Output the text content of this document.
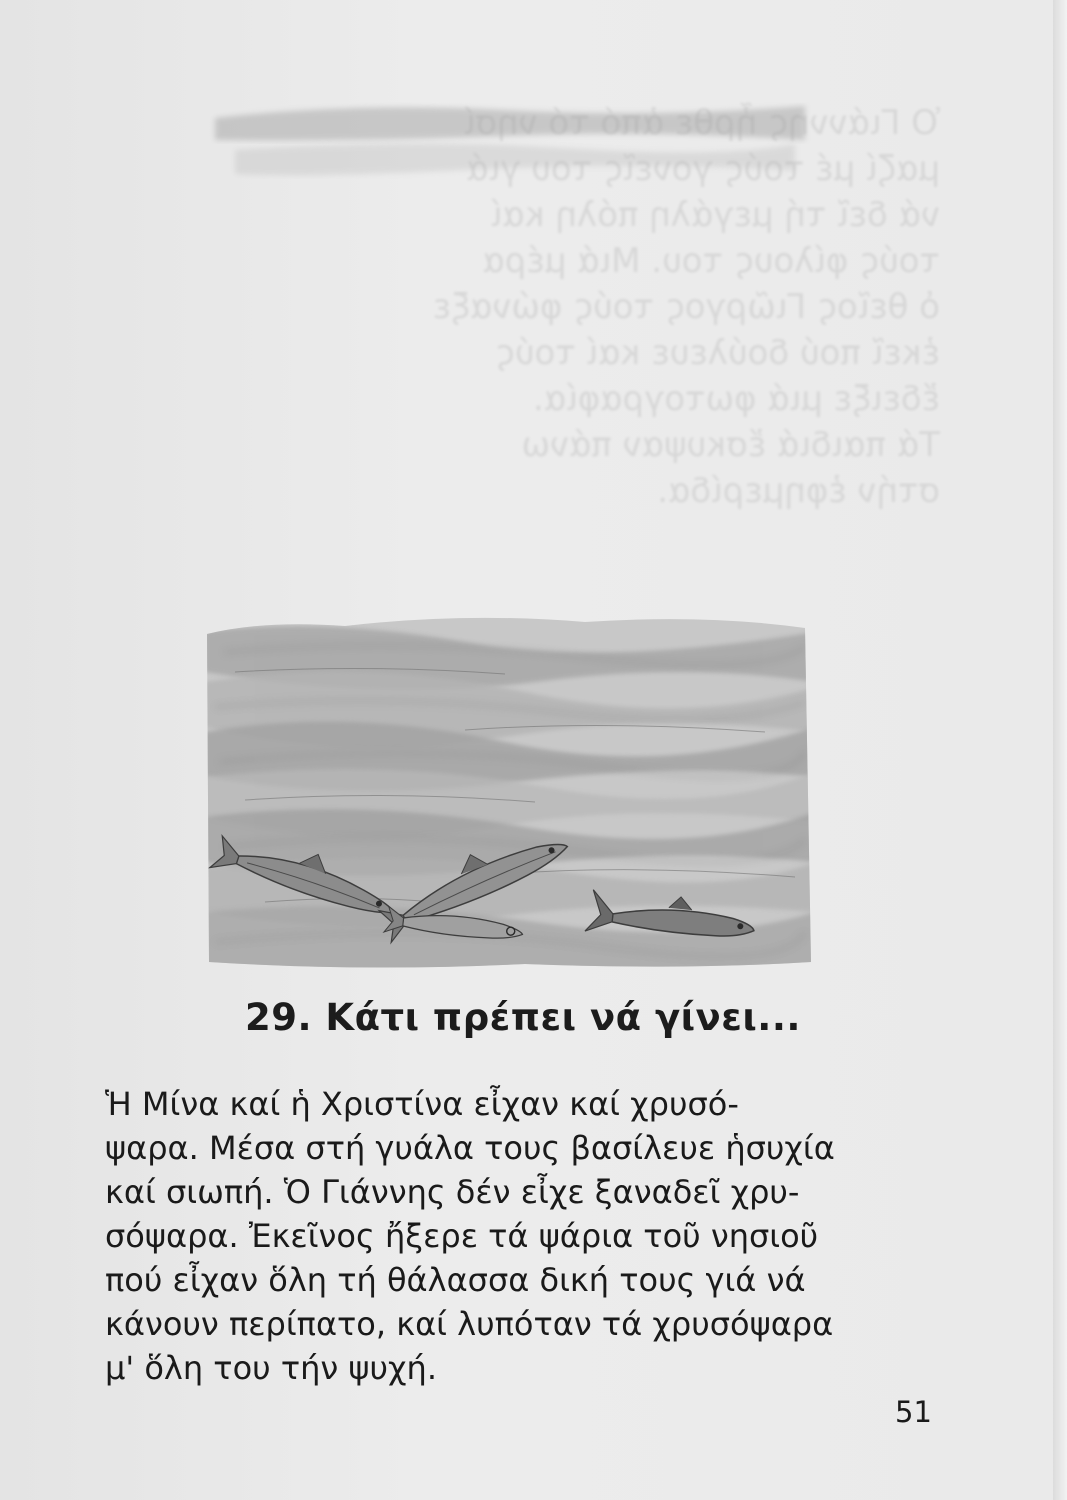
Ὁ Γιάννης ἦρθε ἀπό τό νησί
μαζί μέ τούς γονεῖς του γιά
νά δεῖ τή μεγάλη πόλη καί
τούς φίλους του. Μιά μέρα
ὁ θεῖος Γιῶργος τούς φώναξε
ἐκεῖ πού δούλευε καί τούς
ἔδειξε μιά φωτογραφία.
Τά παιδιά ἔσκυψαν πάνω
στήν ἐφημερίδα.
29. Κάτι πρέπει νά γίνει...
Ἡ Μίνα καί ἡ Χριστίνα εἶχαν καί χρυσό-
ψαρα. Μέσα στή γυάλα τους βασίλευε ἡσυχία
καί σιωπή. Ὁ Γιάννης δέν εἶχε ξαναδεῖ χρυ-
σόψαρα. Ἐκεῖνος ἤξερε τά ψάρια τοῦ νησιοῦ
πού εἶχαν ὅλη τή θάλασσα δική τους γιά νά
κάνουν περίπατο, καί λυπόταν τά χρυσόψαρα
μ' ὅλη του τήν ψυχή.
51
